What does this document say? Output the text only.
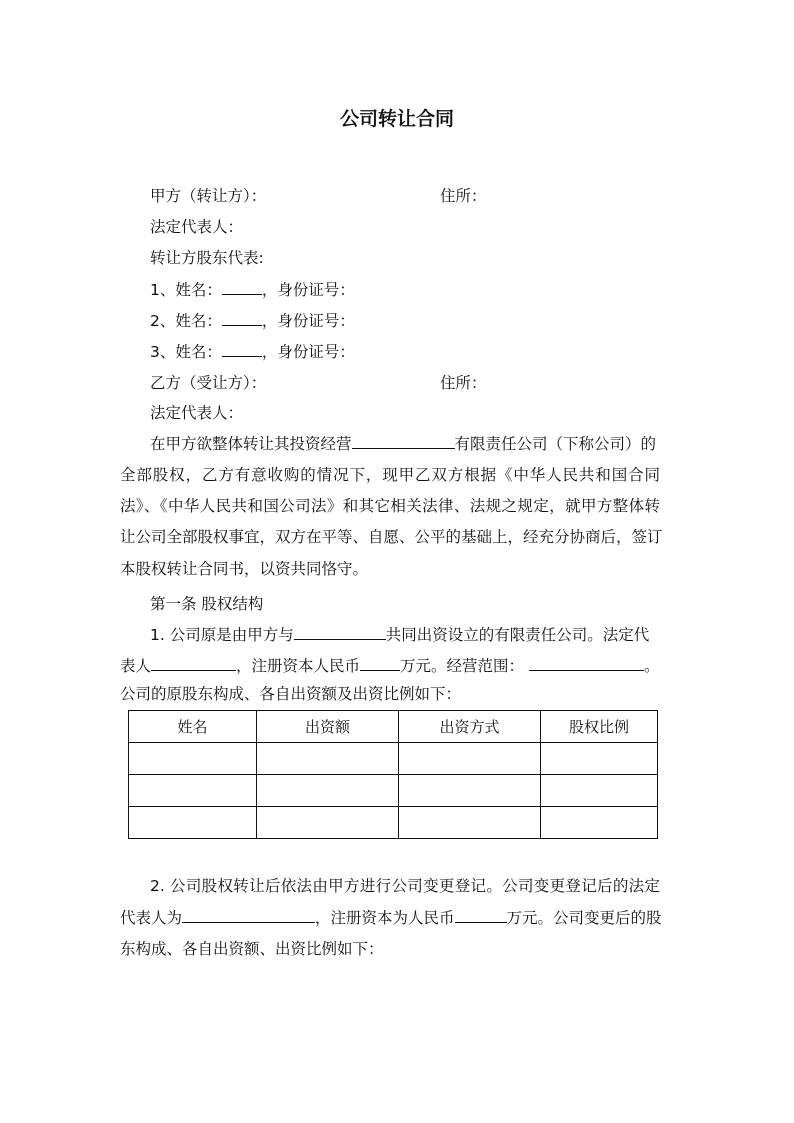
公司转让合同
甲方（转让方）：	住所：
法定代表人：
转让方股东代表:
1、姓名：	，身份证号：
2、姓名：	，身份证号：
3、姓名：	，身份证号：
乙方（受让方）：	住所：
法定代表人：
在甲方欲整体转让其投资经营	有限责任公司（下称公司）的
全部股权，乙方有意收购的情况下，现甲乙双方根据《中华人民共和国合同
法》、《中华人民共和国公司法》和其它相关法律、法规之规定，就甲方整体转
让公司全部股权事宜，双方在平等、自愿、公平的基础上，经充分协商后，签订
本股权转让合同书，以资共同恪守。
第一条 股权结构
1. 公司原是由甲方与	共同出资设立的有限责任公司。法定代
表人	，注册资本人民币	万元。经营范围：	。
公司的原股东构成、各自出资额及出资比例如下：
姓名	出资额	出资方式	股权比例

2. 公司股权转让后依法由甲方进行公司变更登记。公司变更登记后的法定
代表人为	，注册资本为人民币	万元。公司变更后的股
东构成、各自出资额、出资比例如下：
